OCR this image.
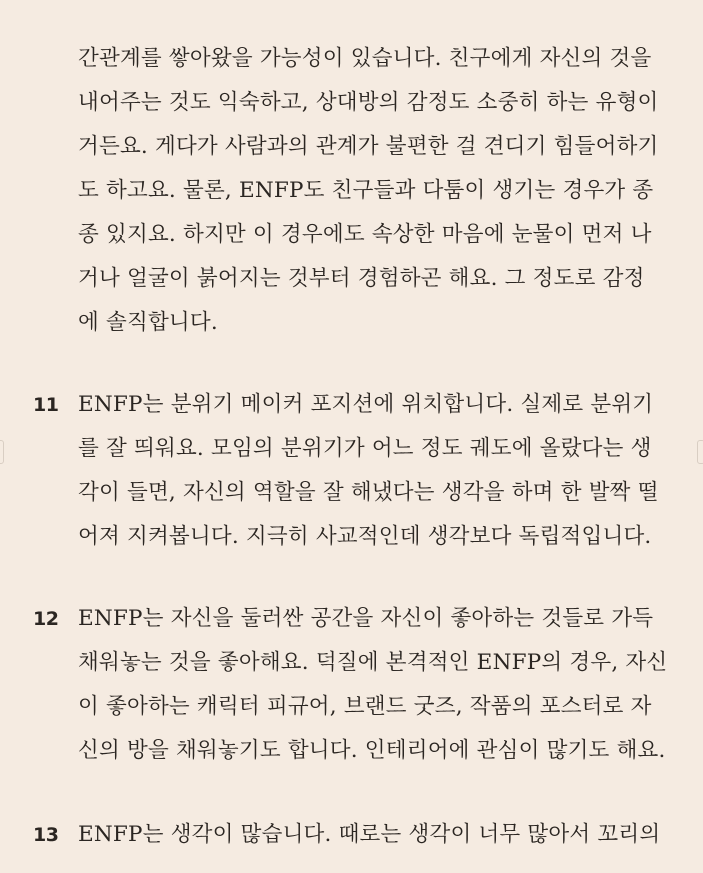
간관계를 쌓아왔을 가능성이 있습니다. 친구에게 자신의 것을
내어주는 것도 익숙하고, 상대방의 감정도 소중히 하는 유형이
거든요. 게다가 사람과의 관계가 불편한 걸 견디기 힘들어하기
도 하고요. 물론, ENFP도 친구들과 다툼이 생기는 경우가 종
종 있지요. 하지만 이 경우에도 속상한 마음에 눈물이 먼저 나
거나 얼굴이 붉어지는 것부터 경험하곤 해요. 그 정도로 감정
에 솔직합니다.
11 ENFP는 분위기 메이커 포지션에 위치합니다. 실제로 분위기
를 잘 띄워요. 모임의 분위기가 어느 정도 궤도에 올랐다는 생
각이 들면, 자신의 역할을 잘 해냈다는 생각을 하며 한 발짝 떨
어져 지켜봅니다. 지극히 사교적인데 생각보다 독립적입니다.
12 ENFP는 자신을 둘러싼 공간을 자신이 좋아하는 것들로 가득
채워놓는 것을 좋아해요. 덕질에 본격적인 ENFP의 경우, 자신
이 좋아하는 캐릭터 피규어, 브랜드 굿즈, 작품의 포스터로 자
신의 방을 채워놓기도 합니다. 인테리어에 관심이 많기도 해요.
13 ENFP는 생각이 많습니다. 때로는 생각이 너무 많아서 꼬리의
